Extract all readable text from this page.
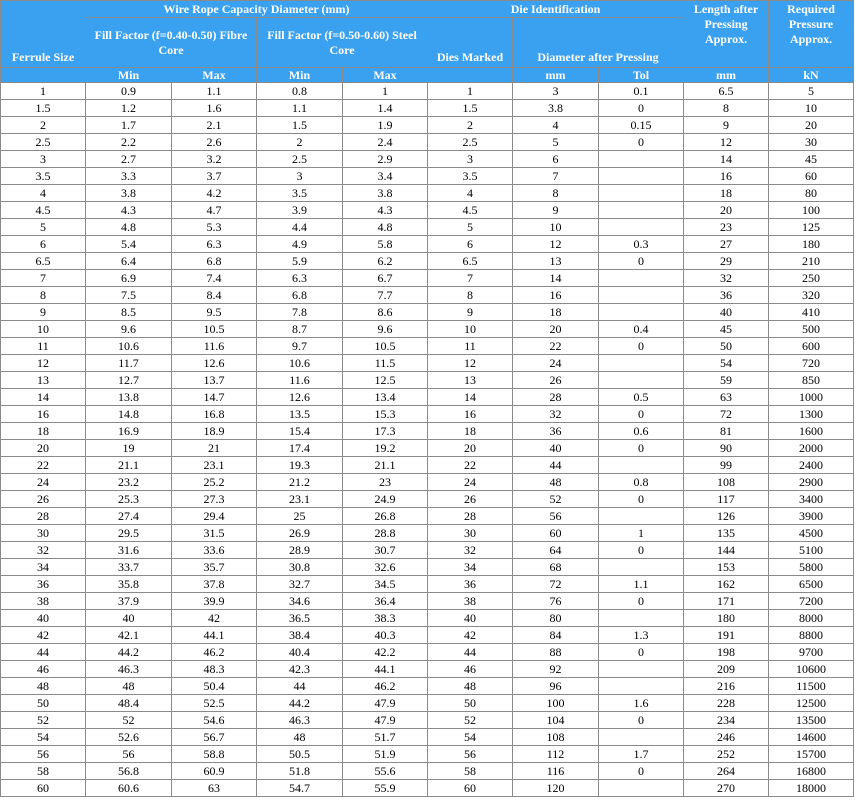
Ferrule Size	Wire Rope Capacity Diameter (mm)				Die Identification			Length after Pressing Approx.	Required Pressure Approx.
	Fill Factor (f=0.40-0.50) Fibre Core		Fill Factor (f=0.50-0.60) Steel Core		Dies Marked	Diameter after Pressing			
	Min	Max	Min	Max		mm	Tol	mm	kN
1	0.9	1.1	0.8	1	1	3	0.1	6.5	5
1.5	1.2	1.6	1.1	1.4	1.5	3.8	0	8	10
2	1.7	2.1	1.5	1.9	2	4	0.15	9	20
2.5	2.2	2.6	2	2.4	2.5	5	0	12	30
3	2.7	3.2	2.5	2.9	3	6		14	45
3.5	3.3	3.7	3	3.4	3.5	7		16	60
4	3.8	4.2	3.5	3.8	4	8		18	80
4.5	4.3	4.7	3.9	4.3	4.5	9		20	100
5	4.8	5.3	4.4	4.8	5	10		23	125
6	5.4	6.3	4.9	5.8	6	12	0.3	27	180
6.5	6.4	6.8	5.9	6.2	6.5	13	0	29	210
7	6.9	7.4	6.3	6.7	7	14		32	250
8	7.5	8.4	6.8	7.7	8	16		36	320
9	8.5	9.5	7.8	8.6	9	18		40	410
10	9.6	10.5	8.7	9.6	10	20	0.4	45	500
11	10.6	11.6	9.7	10.5	11	22	0	50	600
12	11.7	12.6	10.6	11.5	12	24		54	720
13	12.7	13.7	11.6	12.5	13	26		59	850
14	13.8	14.7	12.6	13.4	14	28	0.5	63	1000
16	14.8	16.8	13.5	15.3	16	32	0	72	1300
18	16.9	18.9	15.4	17.3	18	36	0.6	81	1600
20	19	21	17.4	19.2	20	40	0	90	2000
22	21.1	23.1	19.3	21.1	22	44		99	2400
24	23.2	25.2	21.2	23	24	48	0.8	108	2900
26	25.3	27.3	23.1	24.9	26	52	0	117	3400
28	27.4	29.4	25	26.8	28	56		126	3900
30	29.5	31.5	26.9	28.8	30	60	1	135	4500
32	31.6	33.6	28.9	30.7	32	64	0	144	5100
34	33.7	35.7	30.8	32.6	34	68		153	5800
36	35.8	37.8	32.7	34.5	36	72	1.1	162	6500
38	37.9	39.9	34.6	36.4	38	76	0	171	7200
40	40	42	36.5	38.3	40	80		180	8000
42	42.1	44.1	38.4	40.3	42	84	1.3	191	8800
44	44.2	46.2	40.4	42.2	44	88	0	198	9700
46	46.3	48.3	42.3	44.1	46	92		209	10600
48	48	50.4	44	46.2	48	96		216	11500
50	48.4	52.5	44.2	47.9	50	100	1.6	228	12500
52	52	54.6	46.3	47.9	52	104	0	234	13500
54	52.6	56.7	48	51.7	54	108		246	14600
56	56	58.8	50.5	51.9	56	112	1.7	252	15700
58	56.8	60.9	51.8	55.6	58	116	0	264	16800
60	60.6	63	54.7	55.9	60	120		270	18000
